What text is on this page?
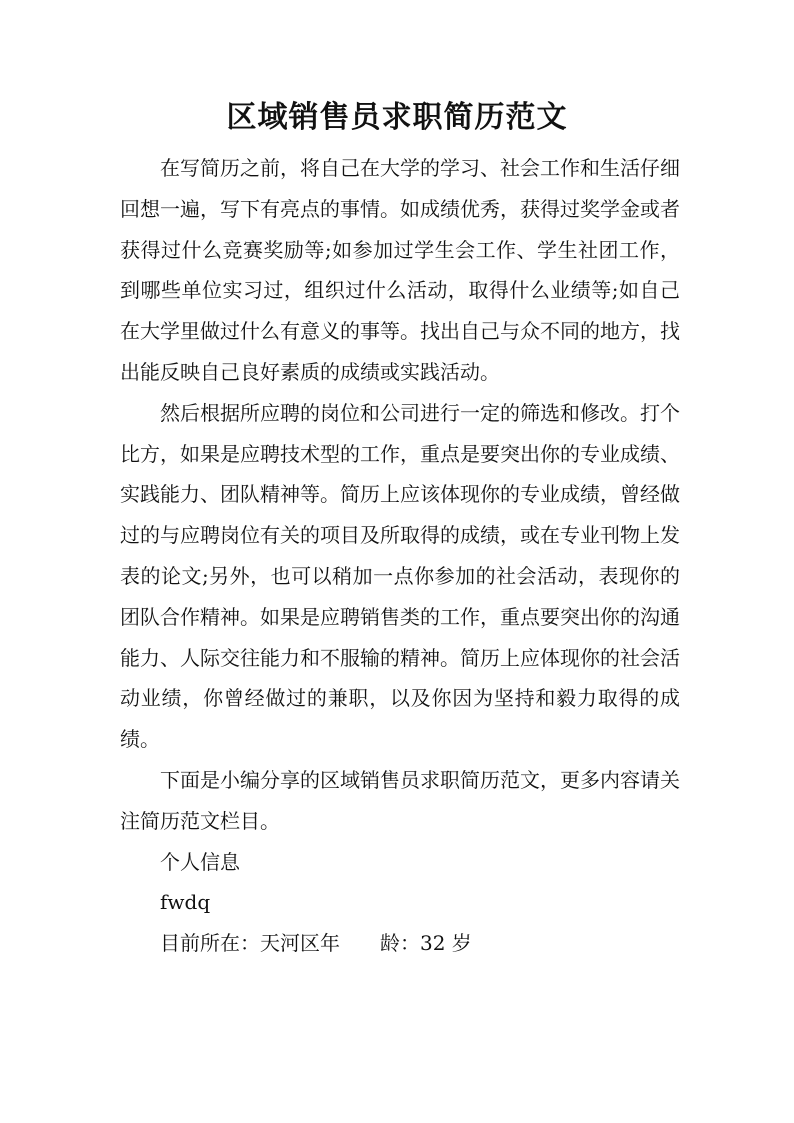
区域销售员求职简历范文

在写简历之前，将自己在大学的学习、社会工作和生活仔细回想一遍，写下有亮点的事情。如成绩优秀，获得过奖学金或者获得过什么竞赛奖励等;如参加过学生会工作、学生社团工作，到哪些单位实习过，组织过什么活动，取得什么业绩等;如自己在大学里做过什么有意义的事等。找出自己与众不同的地方，找出能反映自己良好素质的成绩或实践活动。

然后根据所应聘的岗位和公司进行一定的筛选和修改。打个比方，如果是应聘技术型的工作，重点是要突出你的专业成绩、实践能力、团队精神等。简历上应该体现你的专业成绩，曾经做过的与应聘岗位有关的项目及所取得的成绩，或在专业刊物上发表的论文;另外，也可以稍加一点你参加的社会活动，表现你的团队合作精神。如果是应聘销售类的工作，重点要突出你的沟通能力、人际交往能力和不服输的精神。简历上应体现你的社会活动业绩，你曾经做过的兼职，以及你因为坚持和毅力取得的成绩。

下面是小编分享的区域销售员求职简历范文，更多内容请关注简历范文栏目。

个人信息

fwdq

目前所在：天河区年　　龄：32 岁
